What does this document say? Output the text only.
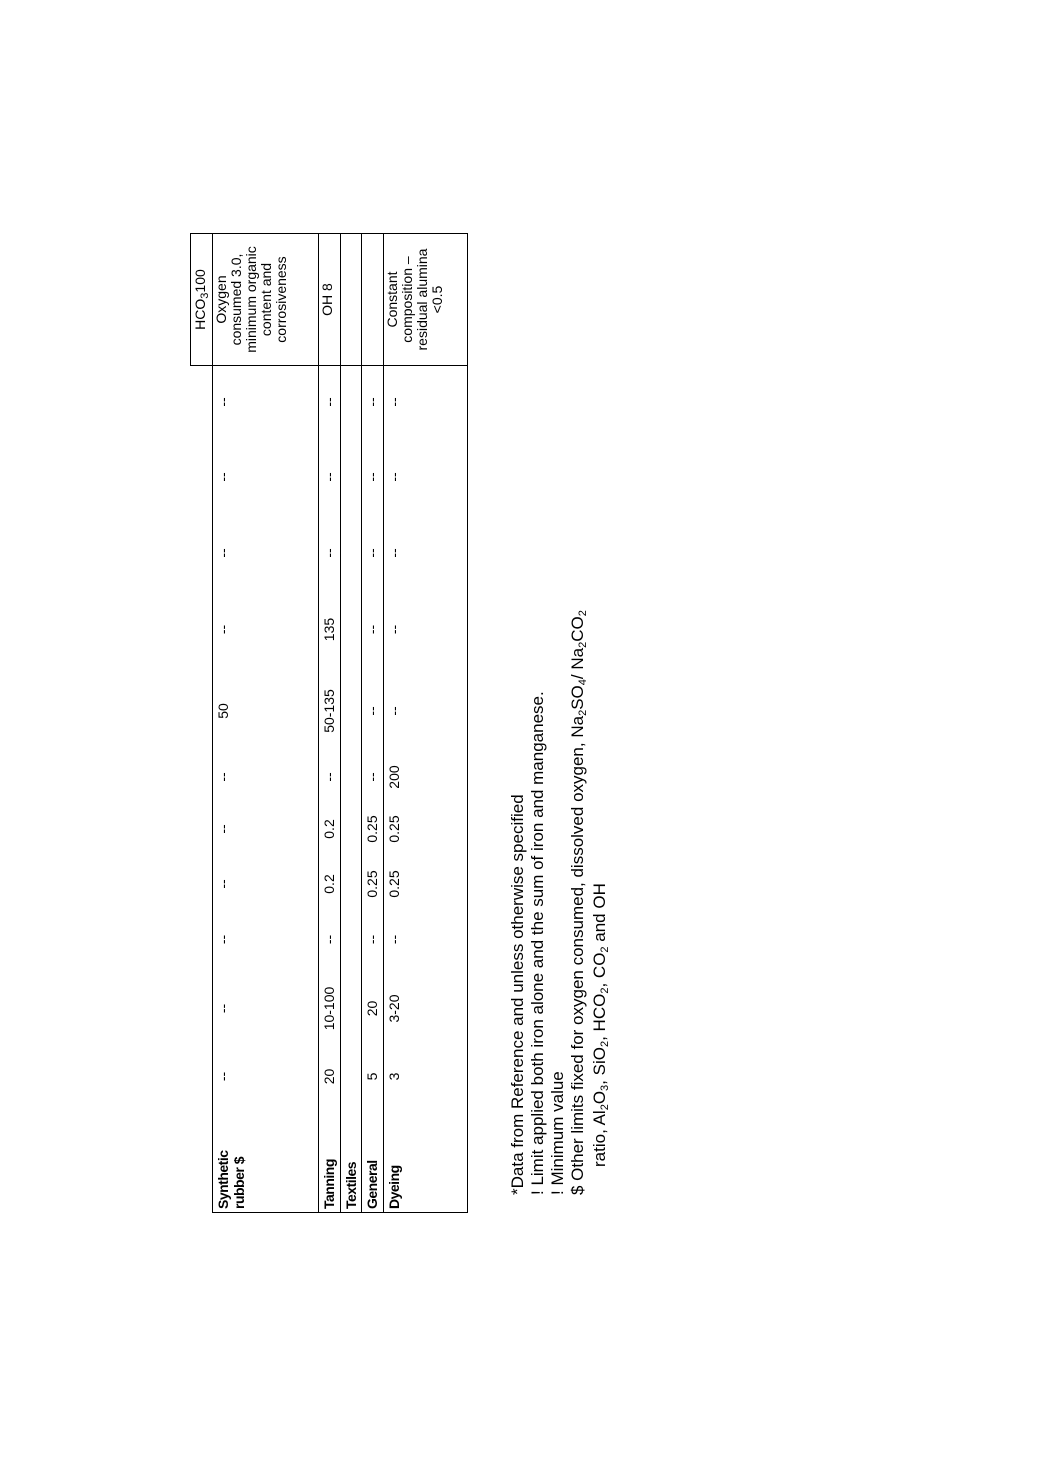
$HCO_3100$
Synthetic
rubber $
--
--
--
--
--
--
50
--
--
--
--
Oxygen
consumed 3.0,
minimum organic
content and
corrosiveness
Tanning
20
10-100
--
0.2
0.2
--
50-135
135
--
--
--
OH 8
Textiles General
5
20
--
0.25
0.25
--
--
--
--
--
--
Dyeing
3
3-20
--
0.25
0.25
200
--
--
--
--
--
Constant
composition –
residual alumina
<0.5
*Data from Reference and unless otherwise specified ! Limit applied both iron alone and the sum of iron and manganese. ! Minimum value $ Other limits fixed for oxygen consumed, dissolved oxygen, $Na_2SO_4/$ $Na_2CO_2$
ratio, $Al_2O_3$, SiO$_2$, $HCO_2$, $CO_2$ and OH
